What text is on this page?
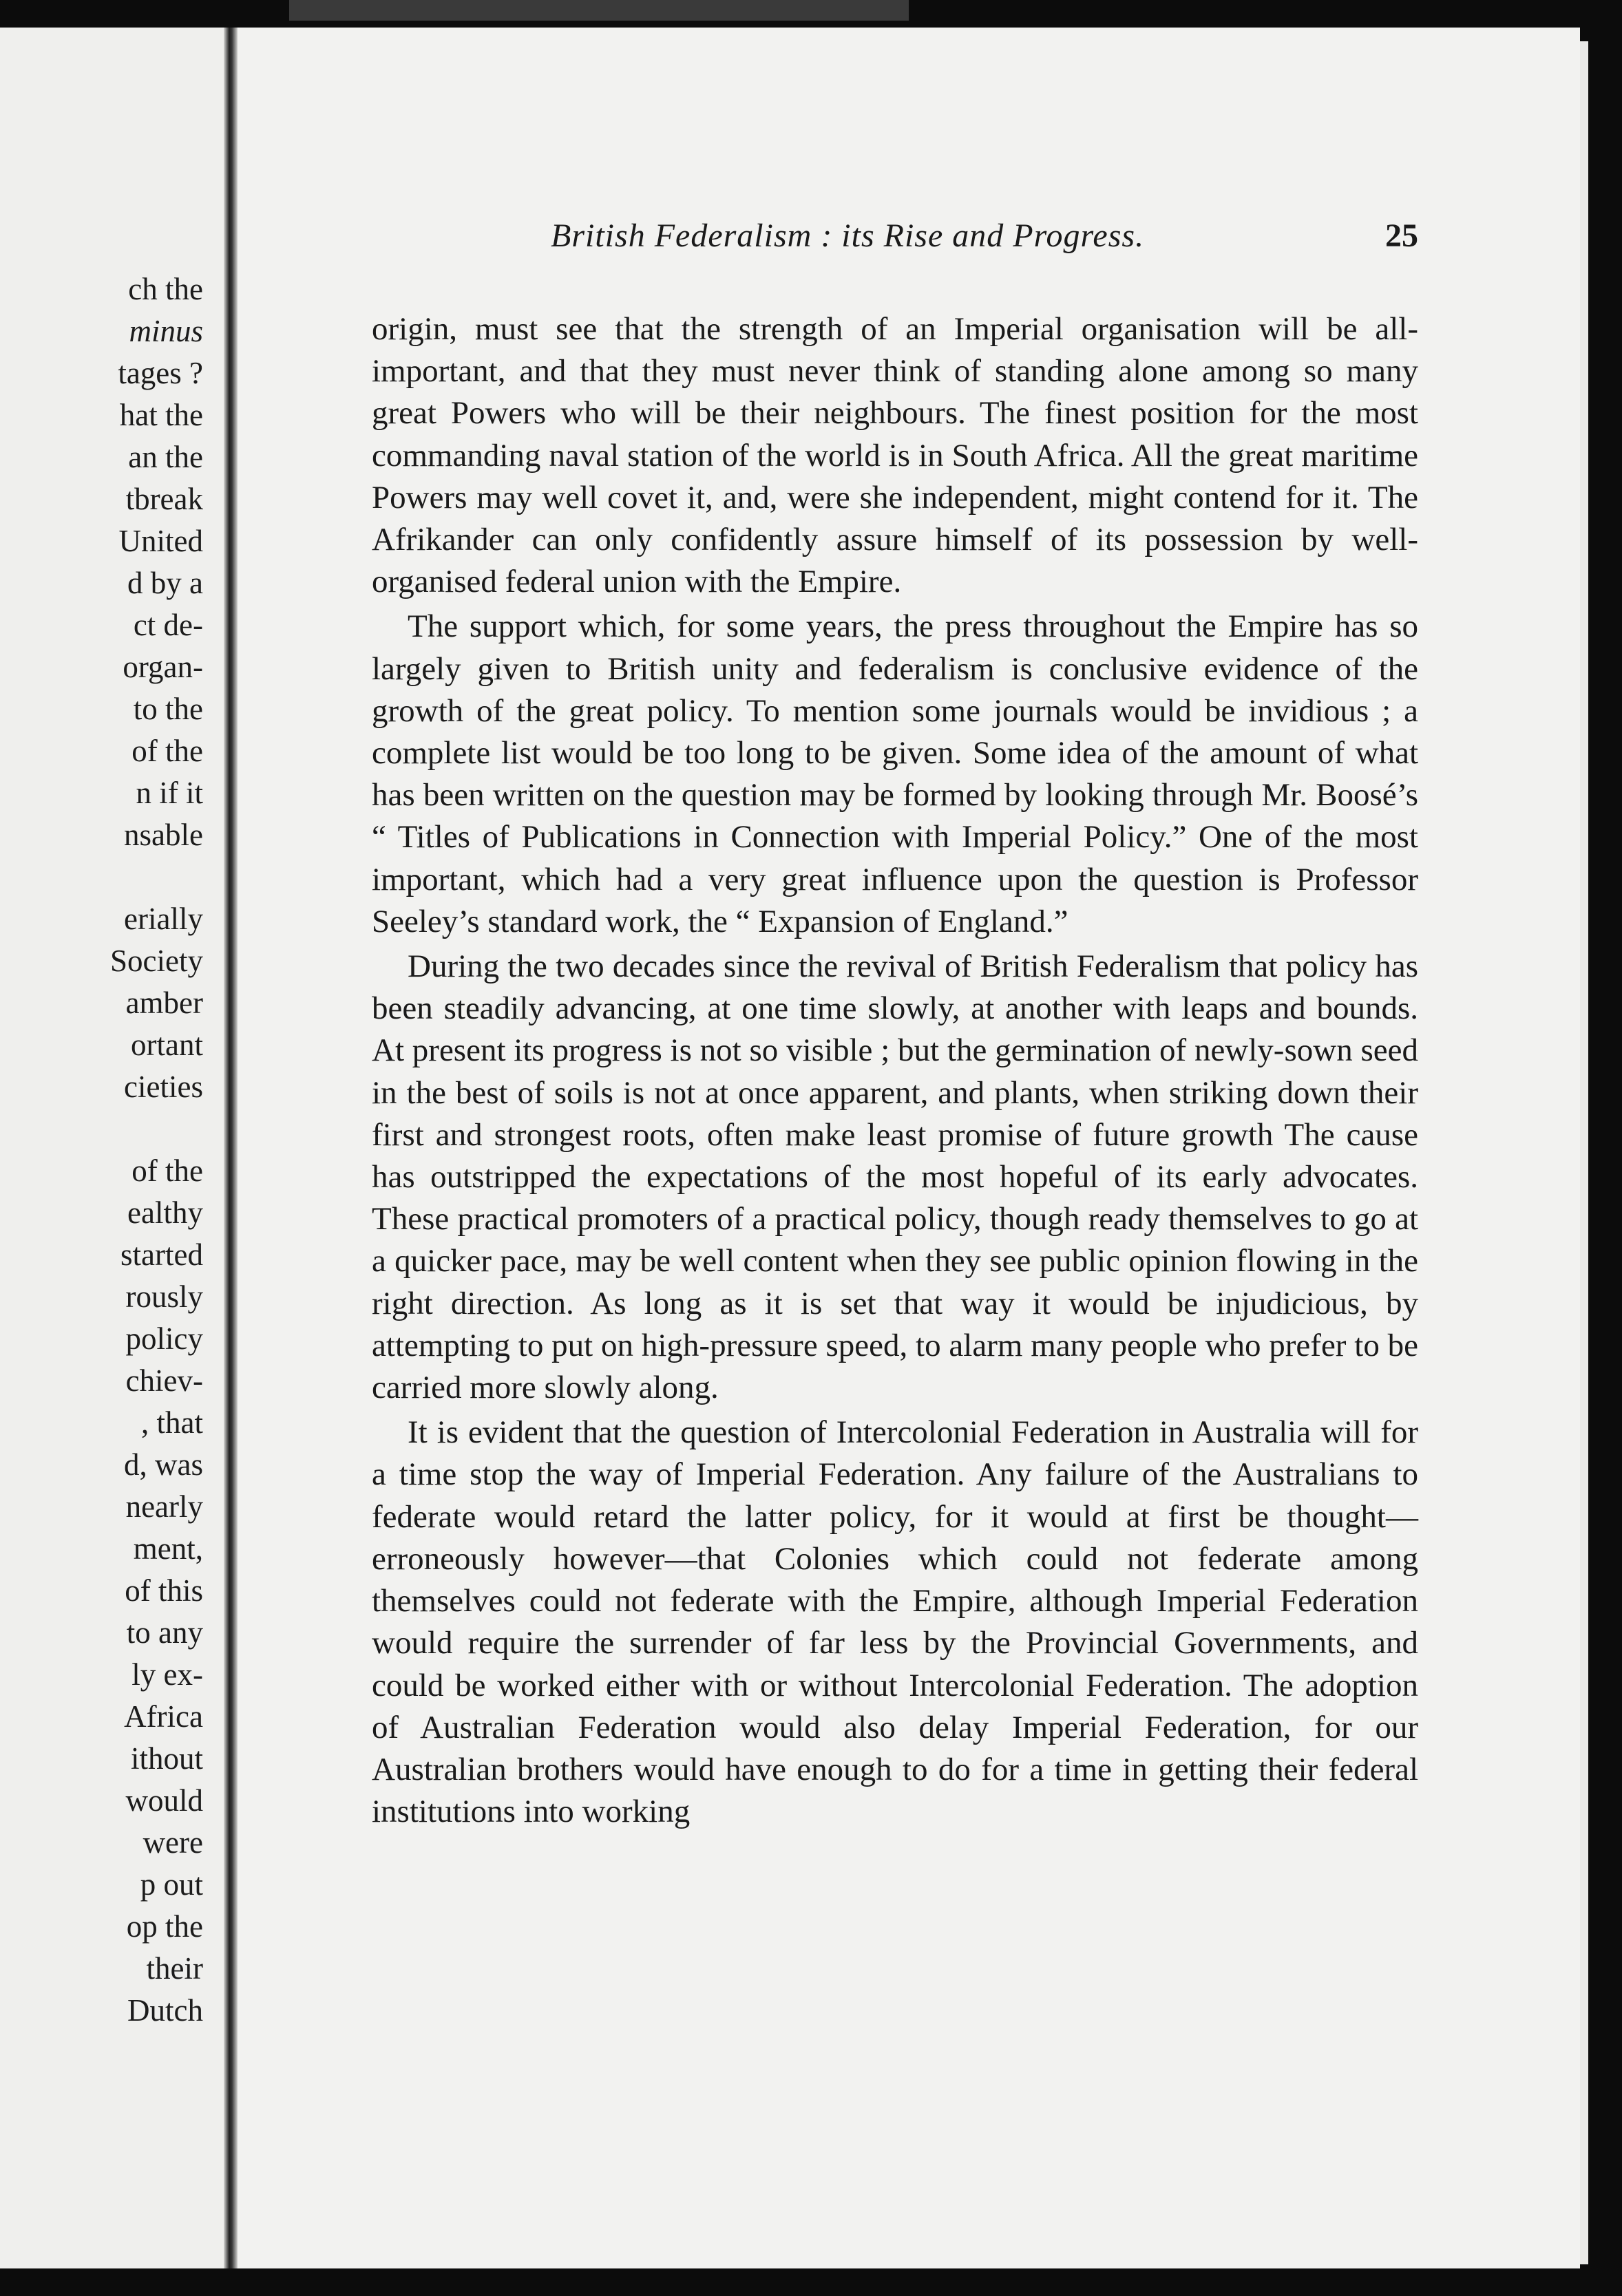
ch the
minus
tages ?
hat the
an the
tbreak
United
d by a
ct de-
organ-
to the
of the
n if it
nsable
erially
Society
amber
ortant
cieties
of the
ealthy
started
rously
policy
chiev-
, that
d, was
nearly
ment,
of this
to any
ly ex-
Africa
ithout
would
were
p out
op the
their
Dutch
British Federalism : its Rise and Progress.	25

origin, must see that the strength of an Imperial organisation will be all-important, and that they must never think of standing alone among so many great Powers who will be their neighbours. The finest position for the most commanding naval station of the world is in South Africa. All the great maritime Powers may well covet it, and, were she independent, might contend for it. The Afrikander can only confidently assure himself of its possession by well-organised federal union with the Empire.

The support which, for some years, the press throughout the Empire has so largely given to British unity and federalism is conclusive evidence of the growth of the great policy. To mention some journals would be invidious ; a complete list would be too long to be given. Some idea of the amount of what has been written on the question may be formed by looking through Mr. Boosé’s “ Titles of Publications in Connection with Imperial Policy.” One of the most important, which had a very great influence upon the question is Professor Seeley’s standard work, the “ Expansion of England.”

During the two decades since the revival of British Federalism that policy has been steadily advancing, at one time slowly, at another with leaps and bounds. At present its progress is not so visible ; but the germination of newly-sown seed in the best of soils is not at once apparent, and plants, when striking down their first and strongest roots, often make least promise of future growth The cause has outstripped the expectations of the most hopeful of its early advocates. These practical promoters of a practical policy, though ready themselves to go at a quicker pace, may be well content when they see public opinion flowing in the right direction. As long as it is set that way it would be injudicious, by attempting to put on high-pressure speed, to alarm many people who prefer to be carried more slowly along.

It is evident that the question of Intercolonial Federation in Australia will for a time stop the way of Imperial Federation. Any failure of the Australians to federate would retard the latter policy, for it would at first be thought—erroneously however—that Colonies which could not federate among themselves could not federate with the Empire, although Imperial Federation would require the surrender of far less by the Provincial Governments, and could be worked either with or without Intercolonial Federation. The adoption of Australian Federation would also delay Imperial Federation, for our Australian brothers would have enough to do for a time in getting their federal institutions into working
